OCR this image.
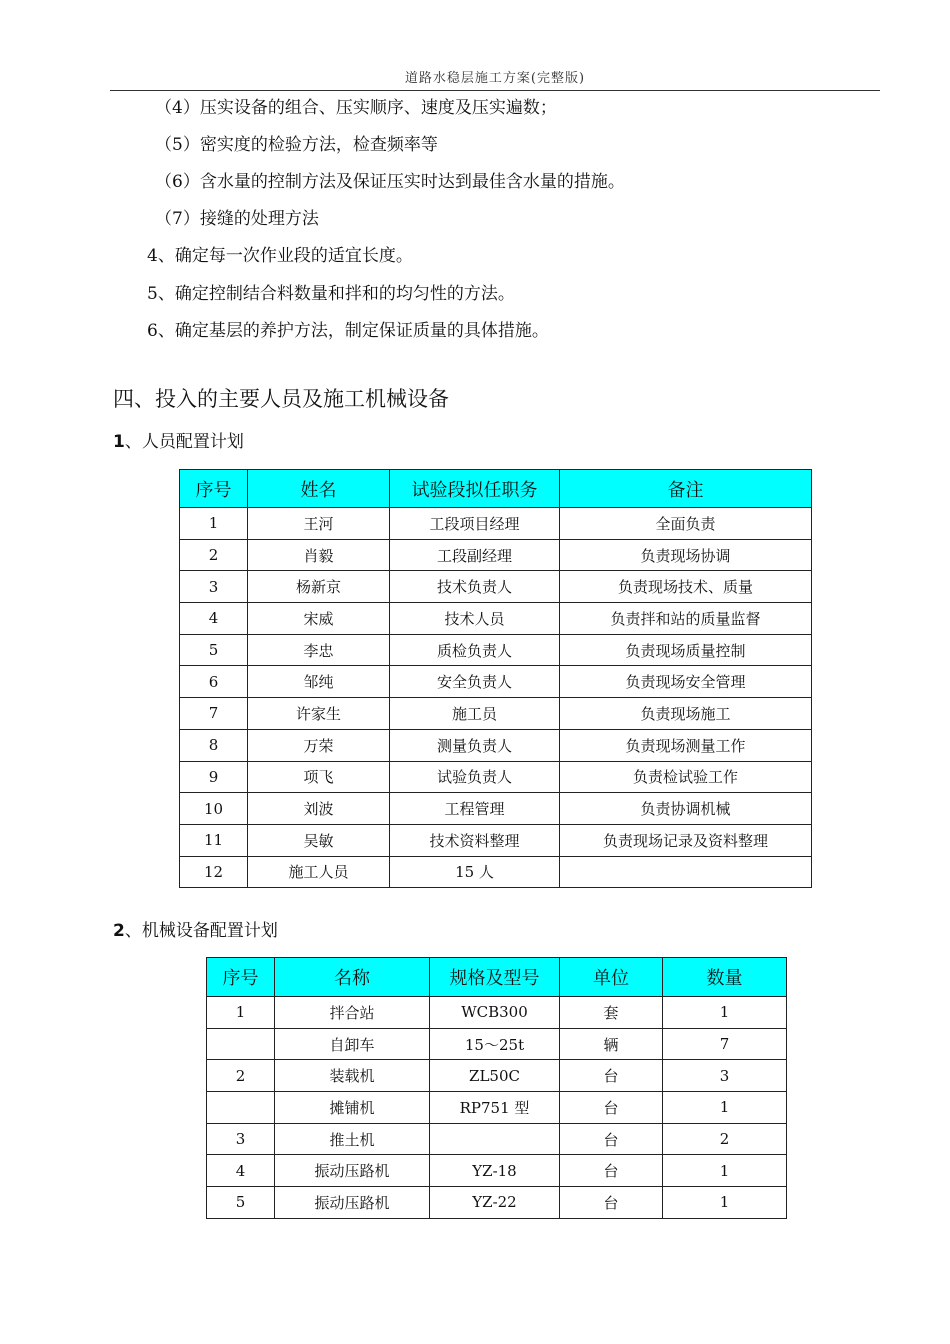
道路水稳层施工方案(完整版)
（4）压实设备的组合、压实顺序、速度及压实遍数；
（5）密实度的检验方法，检查频率等
（6）含水量的控制方法及保证压实时达到最佳含水量的措施。
（7）接缝的处理方法
4、确定每一次作业段的适宜长度。
5、确定控制结合料数量和拌和的均匀性的方法。
6、确定基层的养护方法，制定保证质量的具体措施。
四、投入的主要人员及施工机械设备
1、人员配置计划
序号	姓名	试验段拟任职务	备注
1	王河	工段项目经理	全面负责
2	肖毅	工段副经理	负责现场协调
3	杨新京	技术负责人	负责现场技术、质量
4	宋威	技术人员	负责拌和站的质量监督
5	李忠	质检负责人	负责现场质量控制
6	邹纯	安全负责人	负责现场安全管理
7	许家生	施工员	负责现场施工
8	万荣	测量负责人	负责现场测量工作
9	项飞	试验负责人	负责检试验工作
10	刘波	工程管理	负责协调机械
11	吴敏	技术资料整理	负责现场记录及资料整理
12	施工人员	15 人	
2、机械设备配置计划
序号	名称	规格及型号	单位	数量
1	拌合站	WCB300	套	1
	自卸车	15～25t	辆	7
2	装载机	ZL50C	台	3
	摊铺机	RP751 型	台	1
3	推土机		台	2
4	振动压路机	YZ-18	台	1
5	振动压路机	YZ-22	台	1
